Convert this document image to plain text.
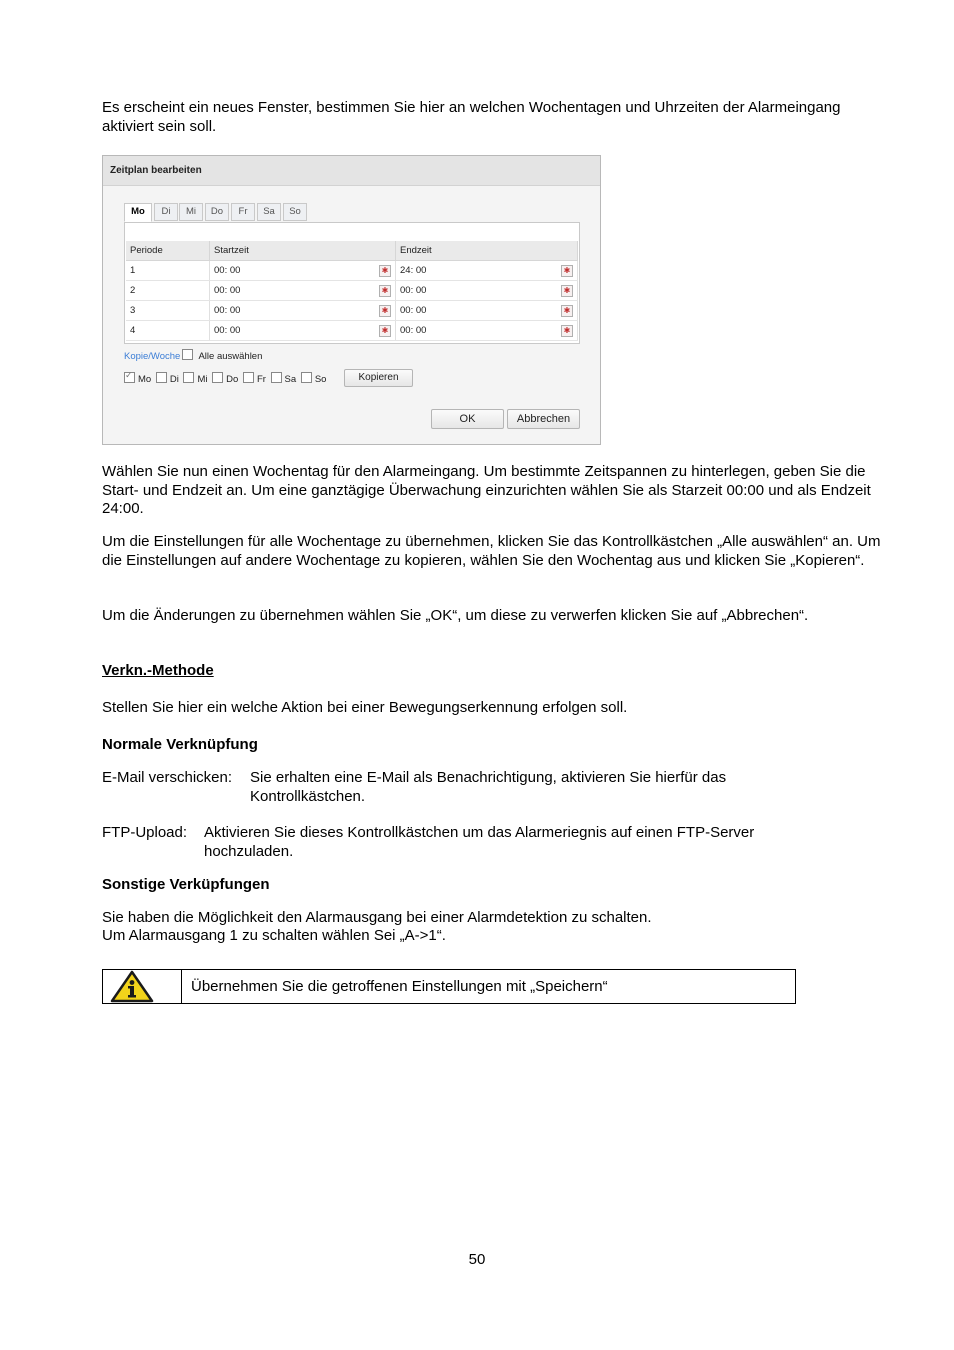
Es erscheint ein neues Fenster, bestimmen Sie hier an welchen Wochentagen und Uhrzeiten der Alarmeingang aktiviert sein soll.

Zeitplan bearbeiten
Mo	Di	Mi	Do	Fr	Sa	So
Periode	Startzeit	Endzeit
1	00: 00 ✱	24: 00 ✱

2	00: 00 ✱	00: 00 ✱

3	00: 00 ✱	00: 00 ✱

4	00: 00 ✱	00: 00 ✱
Kopie/Woche Alle auswählen
✓Mo Di Mi Do Fr Sa So	Kopieren
OK	Abbrechen

Wählen Sie nun einen Wochentag für den Alarmeingang. Um bestimmte Zeitspannen zu hinterlegen, geben Sie die Start- und Endzeit an. Um eine ganztägige Überwachung einzurichten wählen Sie als Starzeit 00:00 und als Endzeit 24:00.

Um die Einstellungen für alle Wochentage zu übernehmen, klicken Sie das Kontrollkästchen „Alle auswählen“ an. Um die Einstellungen auf andere Wochentage zu kopieren, wählen Sie den Wochentag aus und klicken Sie „Kopieren“.

Um die Änderungen zu übernehmen wählen Sie „OK“, um diese zu verwerfen klicken Sie auf „Abbrechen“.

Verkn.-Methode

Stellen Sie hier ein welche Aktion bei einer Bewegungserkennung erfolgen soll.

Normale Verknüpfung

E-Mail verschicken: Sie erhalten eine E-Mail als Benachrichtigung, aktivieren Sie hierfür das Kontrollkästchen.
FTP-Upload: Aktivieren Sie dieses Kontrollkästchen um das Alarmeriegnis auf einen FTP-Server hochzuladen.

Sonstige Verküpfungen

Sie haben die Möglichkeit den Alarmausgang bei einer Alarmdetektion zu schalten.

Um Alarmausgang 1 zu schalten wählen Sei „A->1“.

Übernehmen Sie die getroffenen Einstellungen mit „Speichern“
50
